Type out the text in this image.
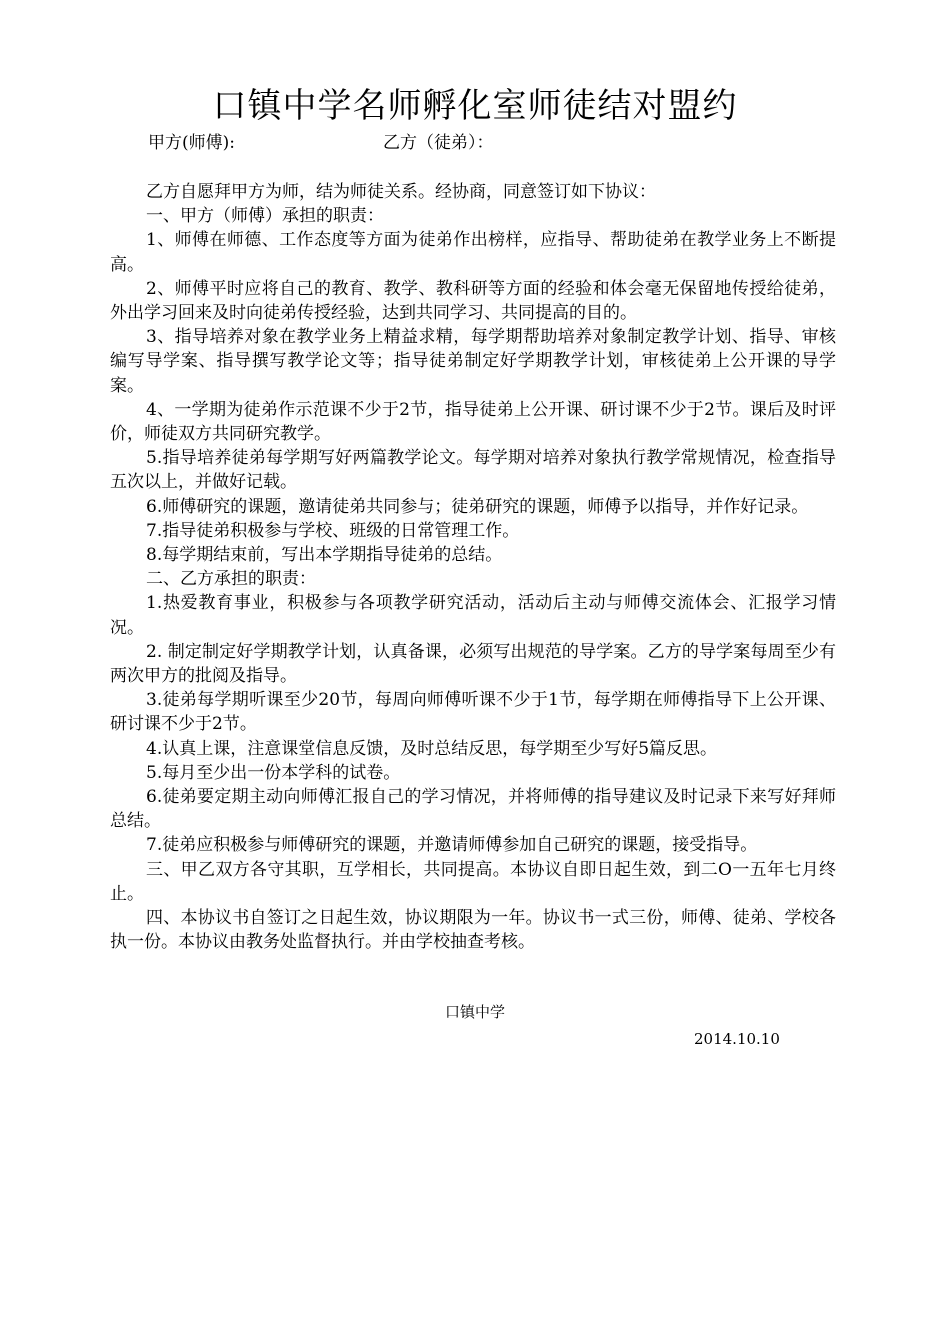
口镇中学名师孵化室师徒结对盟约
甲方(师傅):	乙方（徒弟）：

乙方自愿拜甲方为师，结为师徒关系。经协商，同意签订如下协议：

一、甲方（师傅）承担的职责：

1、师傅在师德、工作态度等方面为徒弟作出榜样，应指导、帮助徒弟在教学业务上不断提高。

2、师傅平时应将自己的教育、教学、教科研等方面的经验和体会毫无保留地传授给徒弟，外出学习回来及时向徒弟传授经验，达到共同学习、共同提高的目的。

3、指导培养对象在教学业务上精益求精，每学期帮助培养对象制定教学计划、指导、审核编写导学案、指导撰写教学论文等；指导徒弟制定好学期教学计划，审核徒弟上公开课的导学案。

4、一学期为徒弟作示范课不少于2节，指导徒弟上公开课、研讨课不少于2节。课后及时评价，师徒双方共同研究教学。

5.指导培养徒弟每学期写好两篇教学论文。每学期对培养对象执行教学常规情况，检查指导五次以上，并做好记载。

6.师傅研究的课题，邀请徒弟共同参与；徒弟研究的课题，师傅予以指导，并作好记录。

7.指导徒弟积极参与学校、班级的日常管理工作。

8.每学期结束前，写出本学期指导徒弟的总结。

二、乙方承担的职责：

1.热爱教育事业，积极参与各项教学研究活动，活动后主动与师傅交流体会、汇报学习情况。

2. 制定制定好学期教学计划，认真备课，必须写出规范的导学案。乙方的导学案每周至少有两次甲方的批阅及指导。

3.徒弟每学期听课至少20节，每周向师傅听课不少于1节，每学期在师傅指导下上公开课、研讨课不少于2节。

4.认真上课，注意课堂信息反馈，及时总结反思，每学期至少写好5篇反思。

5.每月至少出一份本学科的试卷。

6.徒弟要定期主动向师傅汇报自己的学习情况，并将师傅的指导建议及时记录下来写好拜师总结。

7.徒弟应积极参与师傅研究的课题，并邀请师傅参加自己研究的课题，接受指导。

三、甲乙双方各守其职，互学相长，共同提高。本协议自即日起生效，到二O一五年七月终止。

四、本协议书自签订之日起生效，协议期限为一年。协议书一式三份，师傅、徒弟、学校各执一份。本协议由教务处监督执行。并由学校抽查考核。

口镇中学
2014.10.10
